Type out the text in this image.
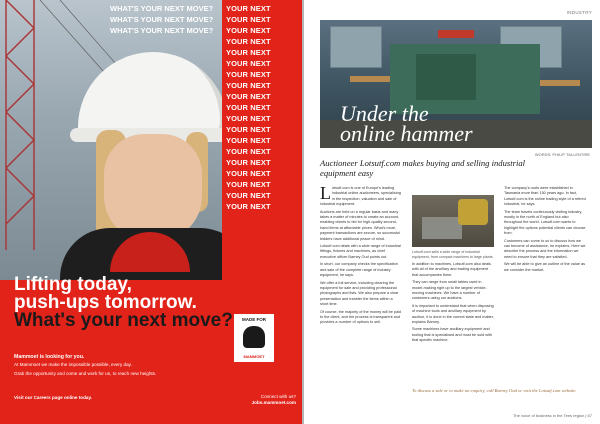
WHAT'S YOUR NEXT MOVE?
WHAT'S YOUR NEXT MOVE?
WHAT'S YOUR NEXT MOVE?
YOUR NEXT
YOUR NEXT
YOUR NEXT
YOUR NEXT
YOUR NEXT
YOUR NEXT
YOUR NEXT
YOUR NEXT
YOUR NEXT
YOUR NEXT
YOUR NEXT
YOUR NEXT
YOUR NEXT
YOUR NEXT
YOUR NEXT
YOUR NEXT
YOUR NEXT
YOUR NEXT
YOUR NEXT
Lifting today,
push-ups tomorrow.
What's your next move?	MADE FOR
MAMMOET

Mammoet is looking for you.

At Mammoet we make the impossible possible, every day.

Grab the opportunity and come and work for us, to reach new heights.

Visit our Careers page online today.	Connect with us?
Jobs.mammoet.com
INDUSTRY
Under the
online hammer
WORDS: PHILIP TALLENTIRE
Auctioneer Lotsutf.com makes buying and selling industrial equipment easy

Lotsutf.com is one of Europe's leading industrial online auctioneers, specialising in the inspection, valuation and sale of industrial equipment.

Auctions are held on a regular basis and many takes a matter of minutes to create an account, enabling clients to bid for high-quality second-hand items at affordable prices. What's more, payment transactions are secure, so successful bidders have additional peace of mind.

Lotsutf.com deals with a wide range of industrial fittings, fixtures and machines, as chief executive officer Barney Oud points out.

In short, our company checks the specification and sale of the complete range of industry equipment, he says.

We offer a full service, including clearing the equipment for sale and providing professional photographs and lists. We also prepare a clear presentation and transfer the items within a short time.

Of course, the majority of the money will be paid to the client, and the process is transparent and provides a number of options to sell.

Lotsutf.com sells a wide range of industrial equipment, from compact machines to large plants.

In addition to machines, Lotsutf.com also deals with all of the ancillary and trading equipment that accompanies them.

They can range from small tables used in model-making right up to the largest vehicle-moving machines. We have a number of customers using our auctions.

It is important to understand that when disposing of machine tools and ancillary equipment by auction, it is done in the correct state and matter, explains Barney.

Some machines have ancillary equipment and tooling that is specialised and must be sold with that specific machine.

The company's roots were established in Tasmania more than 150 years ago. In fact, Lotsutf.com is the online trading style of a retired industrial, he says.

The team travels continuously visiting industry, mostly in the north of England but also throughout the world. Lotsutf.com wants to highlight the options potential clients can choose from.

Customers can come to us to discuss how we can become of assistance, he explains. Here we describe the process and the information we need to ensure that they are satisfied.

We will be able to give an outline of the value as we consider the market.

To discuss a sale or to make an enquiry, call Barney Oud or visit the Lotsutf.com website.
The voice of business in the Tees region | 67
